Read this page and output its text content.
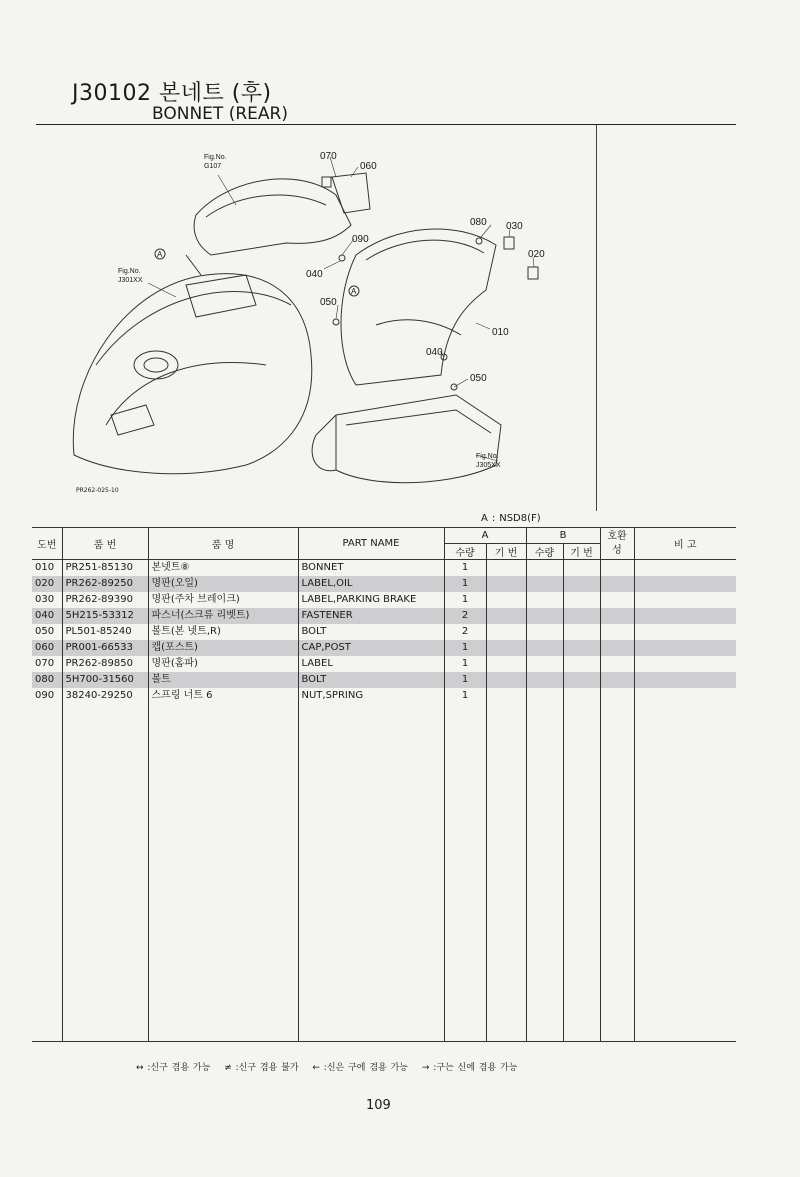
J30102 본네트 (후)
BONNET (REAR)
070
060
080 030
090
020
040
050
010
040
050
A
A
Fig.No.
G107
Fig.No.
J301XX
Fig.No.
J305XX
PR262-025-10
A : NSD8(F)
도번	품 번	품 명	PART NAME	A		B		호환성	비 고
				수량	기 번	수량	기 번		
010	PR251-85130	본넷트⑧	BONNET	1					
020	PR262-89250	명판(오일)	LABEL,OIL	1					
030	PR262-89390	명판(주차 브레이크)	LABEL,PARKING BRAKE	1					
040	5H215-53312	파스너(스크류 리벳트)	FASTENER	2					
050	PL501-85240	볼트(본 넷트,R)	BOLT	2					
060	PR001-66533	캡(포스트)	CAP,POST	1					
070	PR262-89850	명판(홈파)	LABEL	1					
080	5H700-31560	볼트	BOLT	1					
090	38240-29250	스프링 너트 6	NUT,SPRING	1					

↔ :신구 겸용 가능 ≠ :신구 겸용 불가 ← :신은 구에 겸용 가능 → :구는 신에 겸용 가능
109
